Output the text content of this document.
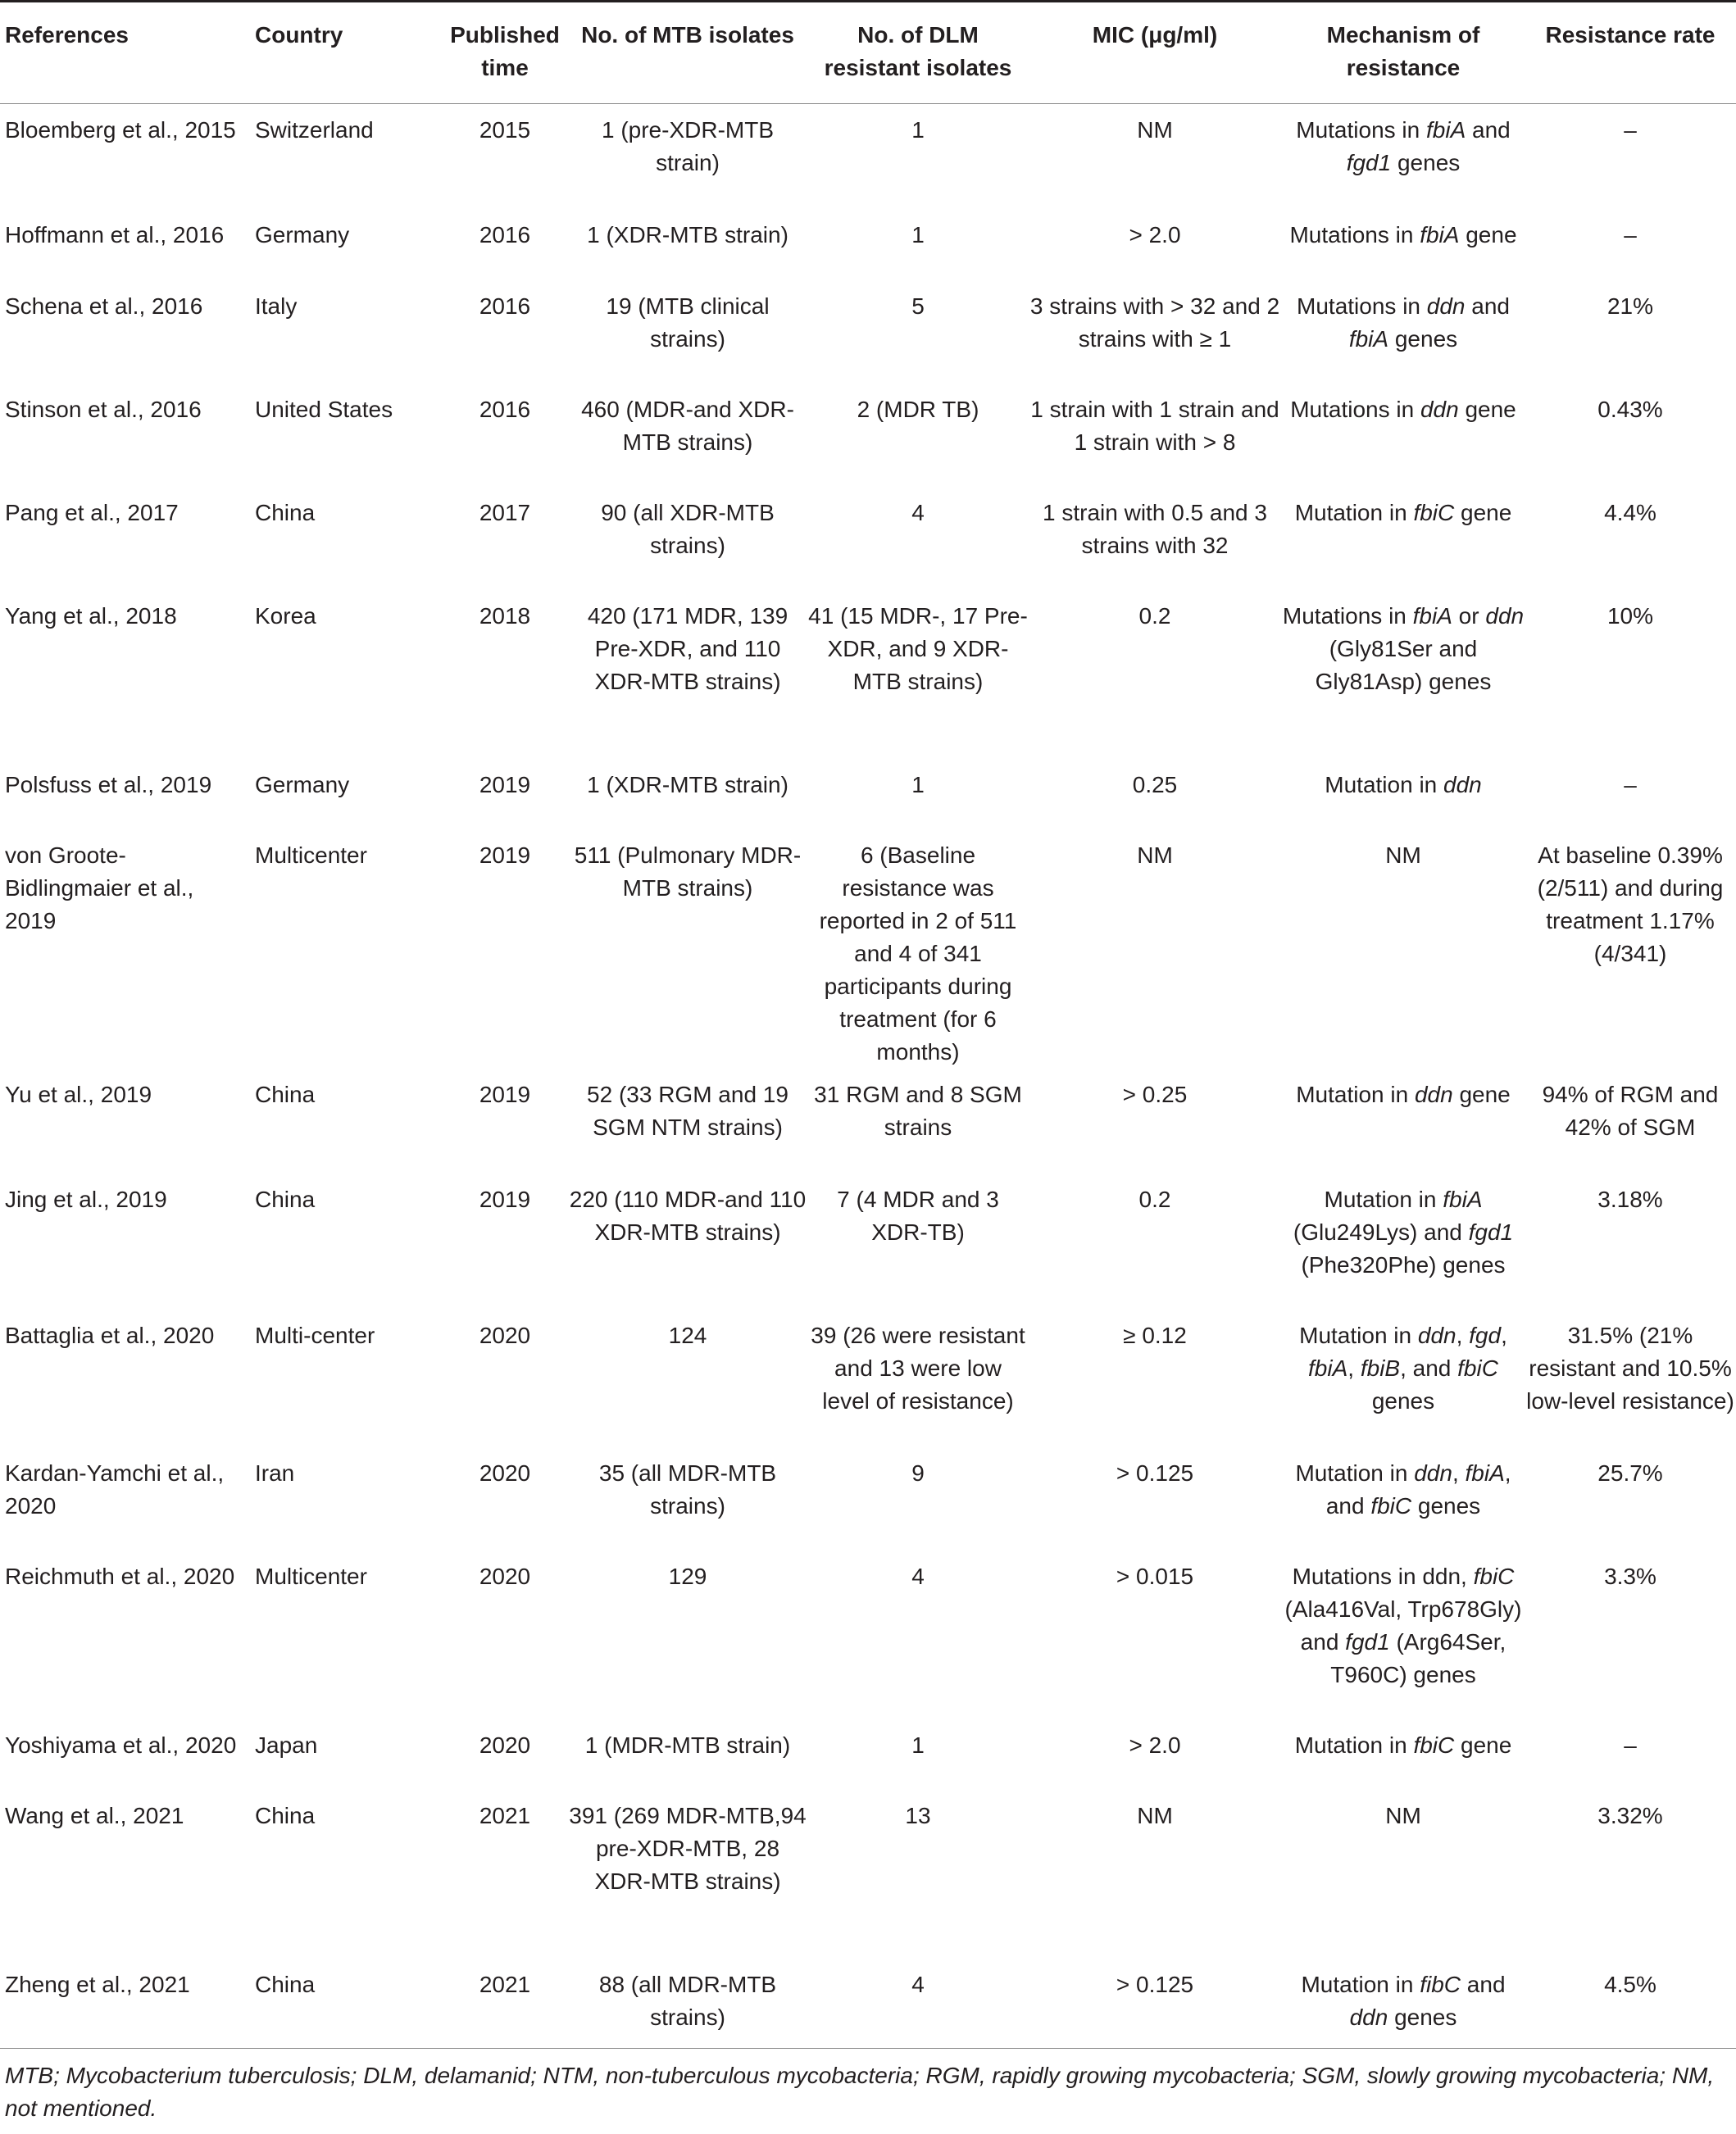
References	Country	Published time	No. of MTB isolates	No. of DLM resistant isolates	MIC (μg/ml)	Mechanism of resistance	Resistance rate
Bloemberg et al., 2015	Switzerland	2015	1 (pre-XDR-MTB strain)	1	NM	Mutations in fbiA and fgd1 genes	–
Hoffmann et al., 2016	Germany	2016	1 (XDR-MTB strain)	1	> 2.0	Mutations in fbiA gene	–
Schena et al., 2016	Italy	2016	19 (MTB clinical strains)	5	3 strains with > 32 and 2 strains with ≥ 1	Mutations in ddn and fbiA genes	21%
Stinson et al., 2016	United States	2016	460 (MDR-and XDR-MTB strains)	2 (MDR TB)	1 strain with 1 strain and 1 strain with > 8	Mutations in ddn gene	0.43%
Pang et al., 2017	China	2017	90 (all XDR-MTB strains)	4	1 strain with 0.5 and 3 strains with 32	Mutation in fbiC gene	4.4%
Yang et al., 2018	Korea	2018	420 (171 MDR, 139 Pre-XDR, and 110 XDR-MTB strains)	41 (15 MDR-, 17 Pre-XDR, and 9 XDR-MTB strains)	0.2	Mutations in fbiA or ddn (Gly81Ser and Gly81Asp) genes	10%
Polsfuss et al., 2019	Germany	2019	1 (XDR-MTB strain)	1	0.25	Mutation in ddn	–
von Groote-Bidlingmaier et al., 2019	Multicenter	2019	511 (Pulmonary MDR-MTB strains)	6 (Baseline resistance was reported in 2 of 511 and 4 of 341 participants during treatment (for 6 months)	NM	NM	At baseline 0.39% (2/511) and during treatment 1.17% (4/341)
Yu et al., 2019	China	2019	52 (33 RGM and 19 SGM NTM strains)	31 RGM and 8 SGM strains	> 0.25	Mutation in ddn gene	94% of RGM and 42% of SGM
Jing et al., 2019	China	2019	220 (110 MDR-and 110 XDR-MTB strains)	7 (4 MDR and 3 XDR-TB)	0.2	Mutation in fbiA (Glu249Lys) and fgd1 (Phe320Phe) genes	3.18%
Battaglia et al., 2020	Multi-center	2020	124	39 (26 were resistant and 13 were low level of resistance)	≥ 0.12	Mutation in ddn, fgd, fbiA, fbiB, and fbiC genes	31.5% (21% resistant and 10.5% low-level resistance)
Kardan-Yamchi et al., 2020	Iran	2020	35 (all MDR-MTB strains)	9	> 0.125	Mutation in ddn, fbiA, and fbiC genes	25.7%
Reichmuth et al., 2020	Multicenter	2020	129	4	> 0.015	Mutations in ddn, fbiC (Ala416Val, Trp678Gly) and fgd1 (Arg64Ser, T960C) genes	3.3%
Yoshiyama et al., 2020	Japan	2020	1 (MDR-MTB strain)	1	> 2.0	Mutation in fbiC gene	–
Wang et al., 2021	China	2021	391 (269 MDR-MTB,94 pre-XDR-MTB, 28 XDR-MTB strains)	13	NM	NM	3.32%
Zheng et al., 2021	China	2021	88 (all MDR-MTB strains)	4	> 0.125	Mutation in fibC and ddn genes	4.5%
MTB; Mycobacterium tuberculosis; DLM, delamanid; NTM, non-tuberculous mycobacteria; RGM, rapidly growing mycobacteria; SGM, slowly growing mycobacteria; NM, not mentioned.
